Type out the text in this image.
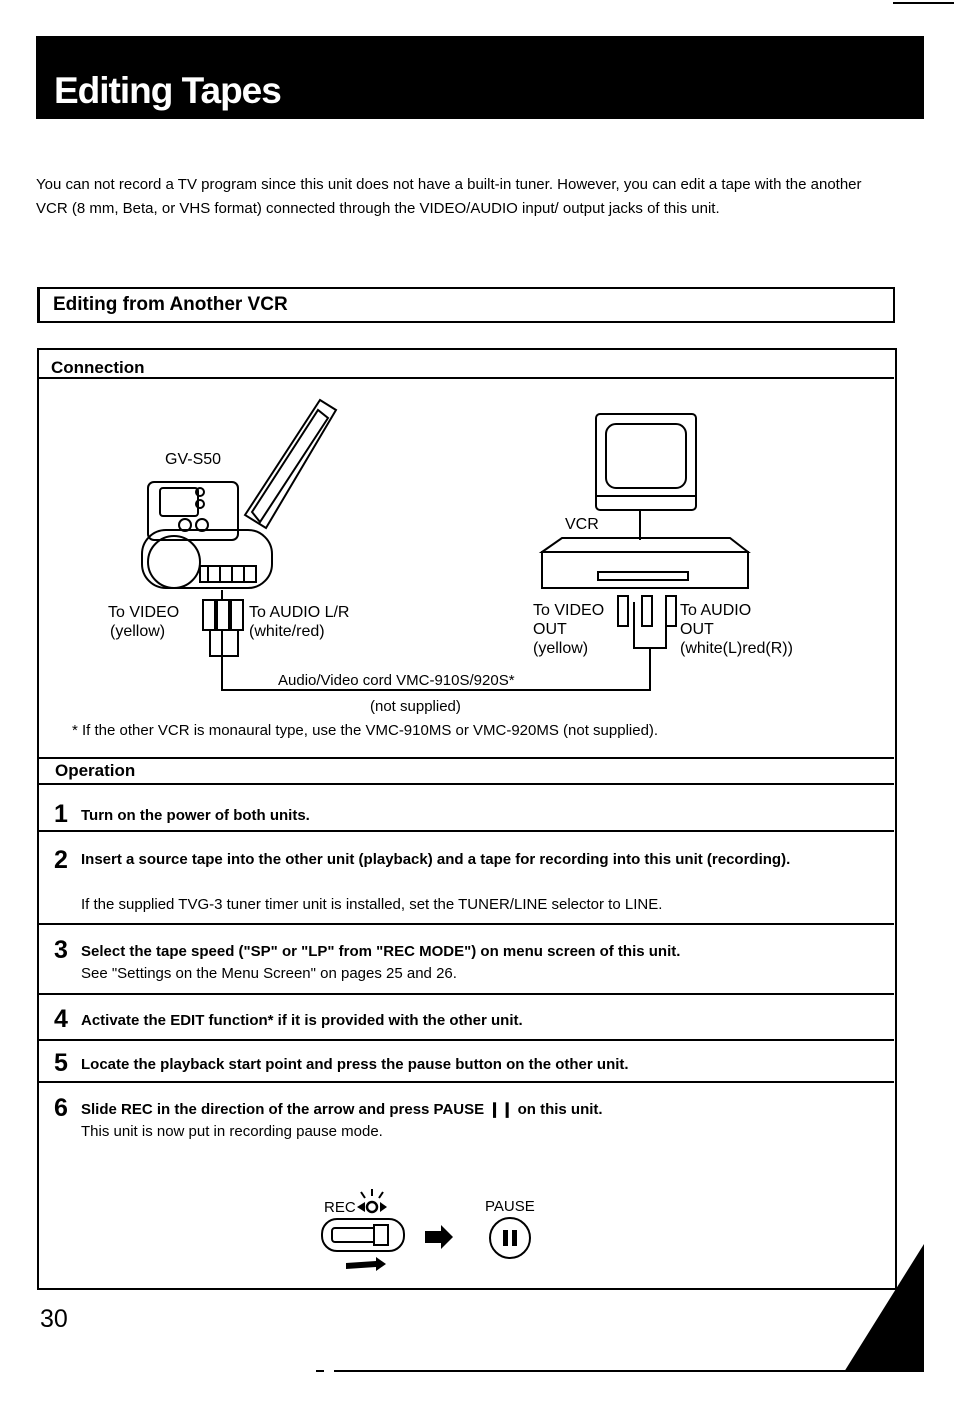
Editing Tapes

You can not record a TV program since this unit does not have a built-in tuner. However, you can edit a tape with the another VCR (8 mm, Beta, or VHS format) connected through the VIDEO/AUDIO input/ output jacks of this unit.

Editing from Another VCR
Connection
GV-S50
VCR
To VIDEO
(yellow)
To AUDIO L/R
(white/red)
To VIDEO
OUT
(yellow)
To AUDIO
OUT
(white(L)red(R))
Audio/Video cord VMC-910S/920S*
(not supplied)
* If the other VCR is monaural type, use the VMC-910MS or VMC-920MS (not supplied).
Operation
1 Turn on the power of both units.
2 Insert a source tape into the other unit (playback) and a tape for recording into this unit (recording).
If the supplied TVG-3 tuner timer unit is installed, set the TUNER/LINE selector to LINE.
3 Select the tape speed ("SP" or "LP" from "REC MODE") on menu screen of this unit.
See "Settings on the Menu Screen" on pages 25 and 26.
4 Activate the EDIT function* if it is provided with the other unit.
5 Locate the playback start point and press the pause button on the other unit.
6 Slide REC in the direction of the arrow and press PAUSE ❙❙ on this unit.
This unit is now put in recording pause mode.
REC	PAUSE
30
